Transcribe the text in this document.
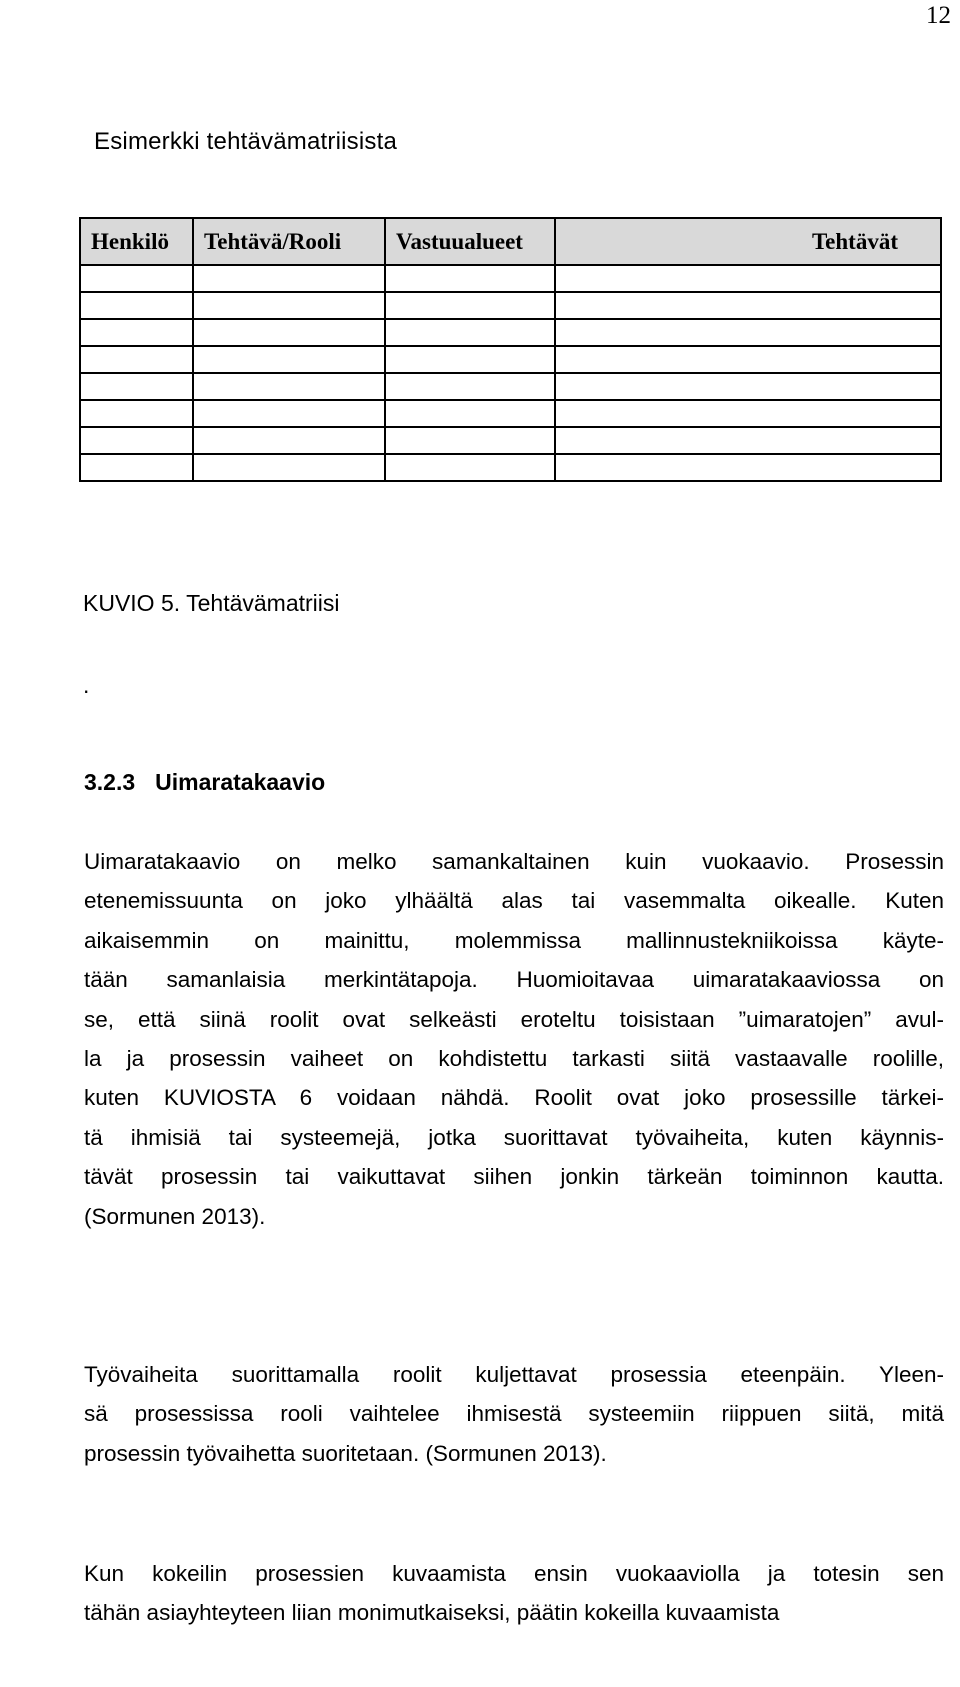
12
Esimerkki tehtävämatriisista
Henkilö	Tehtävä/Rooli	Vastuualueet	Tehtävät

KUVIO 5. Tehtävämatriisi
.
3.2.3 Uimaratakaavio
Uimaratakaavio on melko samankaltainen kuin vuokaavio. Prosessin
etenemissuunta on joko ylhäältä alas tai vasemmalta oikealle. Kuten
aikaisemmin on mainittu, molemmissa mallinnustekniikoissa käyte-
tään samanlaisia merkintätapoja. Huomioitavaa uimaratakaaviossa on
se, että siinä roolit ovat selkeästi eroteltu toisistaan ”uimaratojen” avul-
la ja prosessin vaiheet on kohdistettu tarkasti siitä vastaavalle roolille,
kuten KUVIOSTA 6 voidaan nähdä. Roolit ovat joko prosessille tärkei-
tä ihmisiä tai systeemejä, jotka suorittavat työvaiheita, kuten käynnis-
tävät prosessin tai vaikuttavat siihen jonkin tärkeän toiminnon kautta.
(Sormunen 2013).
Työvaiheita suorittamalla roolit kuljettavat prosessia eteenpäin. Yleen-
sä prosessissa rooli vaihtelee ihmisestä systeemiin riippuen siitä, mitä
prosessin työvaihetta suoritetaan. (Sormunen 2013).
Kun kokeilin prosessien kuvaamista ensin vuokaaviolla ja totesin sen
tähän asiayhteyteen liian monimutkaiseksi, päätin kokeilla kuvaamista
